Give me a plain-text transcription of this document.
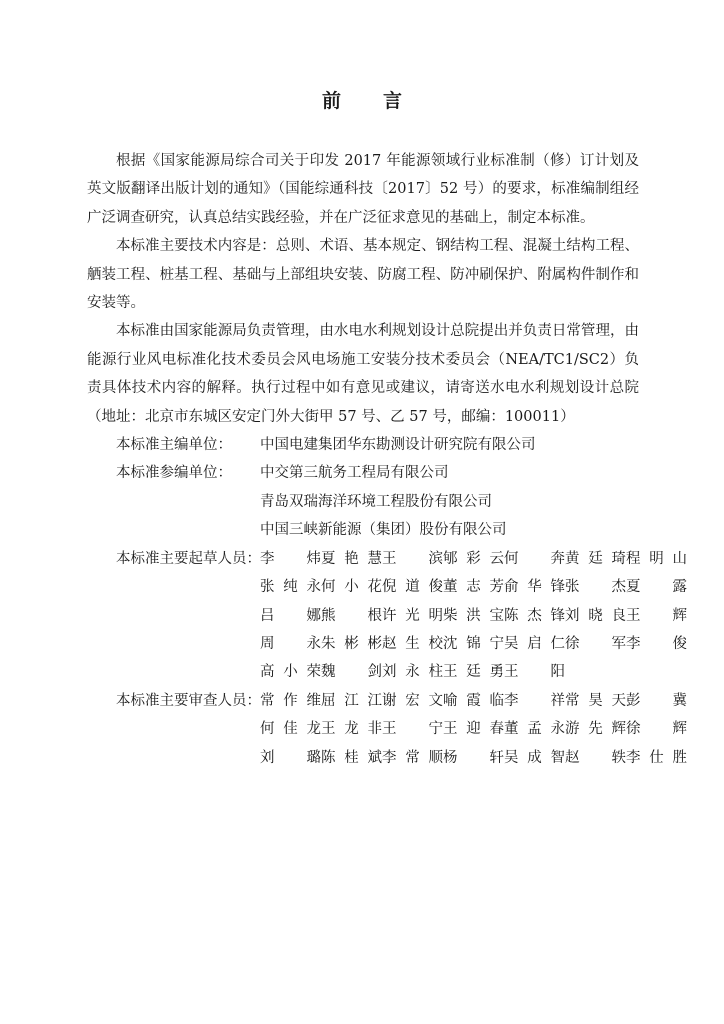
前 言

根据《国家能源局综合司关于印发 2017 年能源领域行业标准制（修）订计划及英文版翻译出版计划的通知》（国能综通科技〔2017〕52 号）的要求，标准编制组经广泛调查研究，认真总结实践经验，并在广泛征求意见的基础上，制定本标准。

本标准主要技术内容是：总则、术语、基本规定、钢结构工程、混凝土结构工程、舾装工程、桩基工程、基础与上部组块安装、防腐工程、防冲刷保护、附属构件制作和安装等。

本标准由国家能源局负责管理，由水电水利规划设计总院提出并负责日常管理，由能源行业风电标准化技术委员会风电场施工安装分技术委员会（NEA/TC1/SC2）负责具体技术内容的解释。执行过程中如有意见或建议，请寄送水电水利规划设计总院（地址：北京市东城区安定门外大街甲 57 号、乙 57 号，邮编：100011）

本标准主编单位：	中国电建集团华东勘测设计研究院有限公司
本标准参编单位：	中交第三航务工程局有限公司
青岛双瑞海洋环境工程股份有限公司
中国三峡新能源（集团）股份有限公司
本标准主要起草人员： 李　炜 夏艳慧 王　滨 郇彩云 何　奔 黄廷琦 程明山
张纯永 何小花 倪道俊 董志芳 俞华锋 张　杰 夏　露
吕　娜 熊　根 许光明 柴洪宝 陈杰锋 刘晓良 王　辉
周　永 朱彬彬 赵生校 沈锦宁 吴启仁 徐　军 李　俊
高小荣 魏　剑 刘永柱 王廷勇 王　阳
本标准主要审查人员： 常作维 屈江江 谢宏文 喻霞临 李　祥 常昊天 彭　冀
何佳龙 王龙非 王　宁 王迎春 董孟永 游先辉 徐　辉
刘　璐 陈桂斌 李常顺 杨　轩 吴成智 赵　轶 李仕胜
